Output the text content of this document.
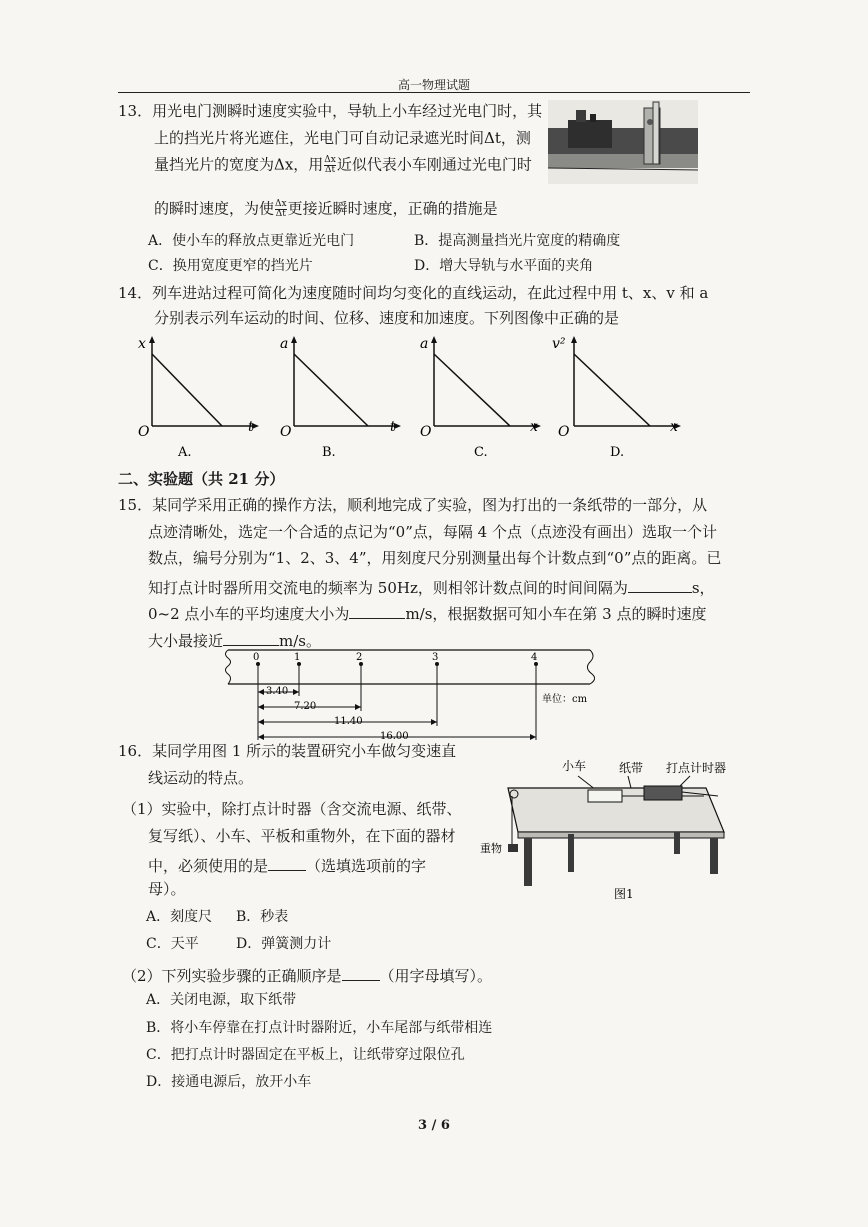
高一物理试题
13．用光电门测瞬时速度实验中，导轨上小车经过光电门时，其
上的挡光片将光遮住，光电门可自动记录遮光时间Δt，测
量挡光片的宽度为Δx，用 $\frac{\Delta x}{\Delta t}$ 近似代表小车刚通过光电门时
的瞬时速度，为使 $\frac{\Delta x}{\Delta t}$ 更接近瞬时速度，正确的措施是
A．使小车的释放点更靠近光电门	B．提高测量挡光片宽度的精确度
C．换用宽度更窄的挡光片	D．增大导轨与水平面的夹角
14．列车进站过程可简化为速度随时间均匀变化的直线运动，在此过程中用 t、x、v 和 a
分别表示列车运动的时间、位移、速度和加速度。下列图像中正确的是
x
t
O
A.
a
t
O
B.
a
x
O
C.
v²
x
O
D.
二、实验题（共 21 分）
15．某同学采用正确的操作方法，顺利地完成了实验，图为打出的一条纸带的一部分，从
点迹清晰处，选定一个合适的点记为“0”点，每隔 4 个点（点迹没有画出）选取一个计
数点，编号分别为“1、2、3、4”，用刻度尺分别测量出每个计数点到“0”点的距离。已
知打点计时器所用交流电的频率为 50Hz，则相邻计数点间的时间间隔为	s，
0~2 点小车的平均速度大小为	m/s，根据数据可知小车在第 3 点的瞬时速度
大小最接近	m/s。
0	1	2	3	4
3.40
7.20
11.40
16.00
单位：cm
16．某同学用图 1 所示的装置研究小车做匀变速直
线运动的特点。
（1）实验中，除打点计时器（含交流电源、纸带、
复写纸）、小车、平板和重物外，在下面的器材
中，必须使用的是	（选填选项前的字
母）。
A．刻度尺 B．秒表
C．天平	D．弹簧测力计
（2）下列实验步骤的正确顺序是	（用字母填写）。
A．关闭电源，取下纸带
B．将小车停靠在打点计时器附近，小车尾部与纸带相连
C．把打点计时器固定在平板上，让纸带穿过限位孔
D．接通电源后，放开小车
小车	纸带 打点计时器
重物
图1
3 / 6
